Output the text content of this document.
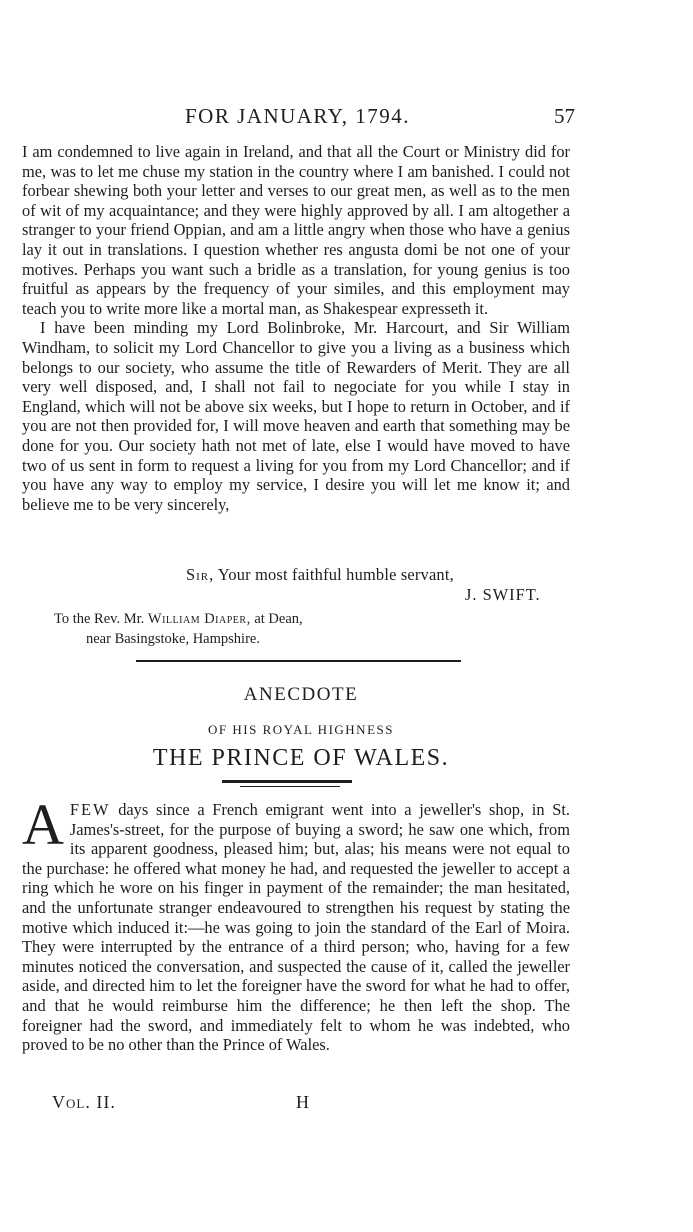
FOR JANUARY, 1794.	57

I am condemned to live again in Ireland, and that all the Court or Ministry did for me, was to let me chuse my station in the country where I am banished. I could not forbear shewing both your letter and verses to our great men, as well as to the men of wit of my acquaintance; and they were highly approved by all. I am altogether a stranger to your friend Oppian, and am a little angry when those who have a genius lay it out in translations. I question whether res angusta domi be not one of your motives. Perhaps you want such a bridle as a translation, for young genius is too fruitful as appears by the frequency of your similes, and this employment may teach you to write more like a mortal man, as Shakespear expresseth it.

I have been minding my Lord Bolinbroke, Mr. Harcourt, and Sir William Windham, to solicit my Lord Chancellor to give you a living as a business which belongs to our society, who assume the title of Rewarders of Merit. They are all very well disposed, and, I shall not fail to negociate for you while I stay in England, which will not be above six weeks, but I hope to return in October, and if you are not then provided for, I will move heaven and earth that something may be done for you. Our society hath not met of late, else I would have moved to have two of us sent in form to request a living for you from my Lord Chancellor; and if you have any way to employ my service, I desire you will let me know it; and believe me to be very sincerely,

Sir, Your most faithful humble servant,
J. SWIFT.
To the Rev. Mr. William Diaper, at Dean,
near Basingstoke, Hampshire.
ANECDOTE
OF HIS ROYAL HIGHNESS
THE PRINCE OF WALES.

A FEW days since a French emigrant went into a jeweller's shop, in St. James's-street, for the purpose of buying a sword; he saw one which, from its apparent goodness, pleased him; but, alas; his means were not equal to the purchase: he offered what money he had, and requested the jeweller to accept a ring which he wore on his finger in payment of the remainder; the man hesitated, and the unfortunate stranger endeavoured to strengthen his request by stating the motive which induced it:—he was going to join the standard of the Earl of Moira. They were interrupted by the entrance of a third person; who, having for a few minutes noticed the conversation, and suspected the cause of it, called the jeweller aside, and directed him to let the foreigner have the sword for what he had to offer, and that he would reimburse him the difference; he then left the shop. The foreigner had the sword, and immediately felt to whom he was indebted, who proved to be no other than the Prince of Wales.

Vol. II.	H
